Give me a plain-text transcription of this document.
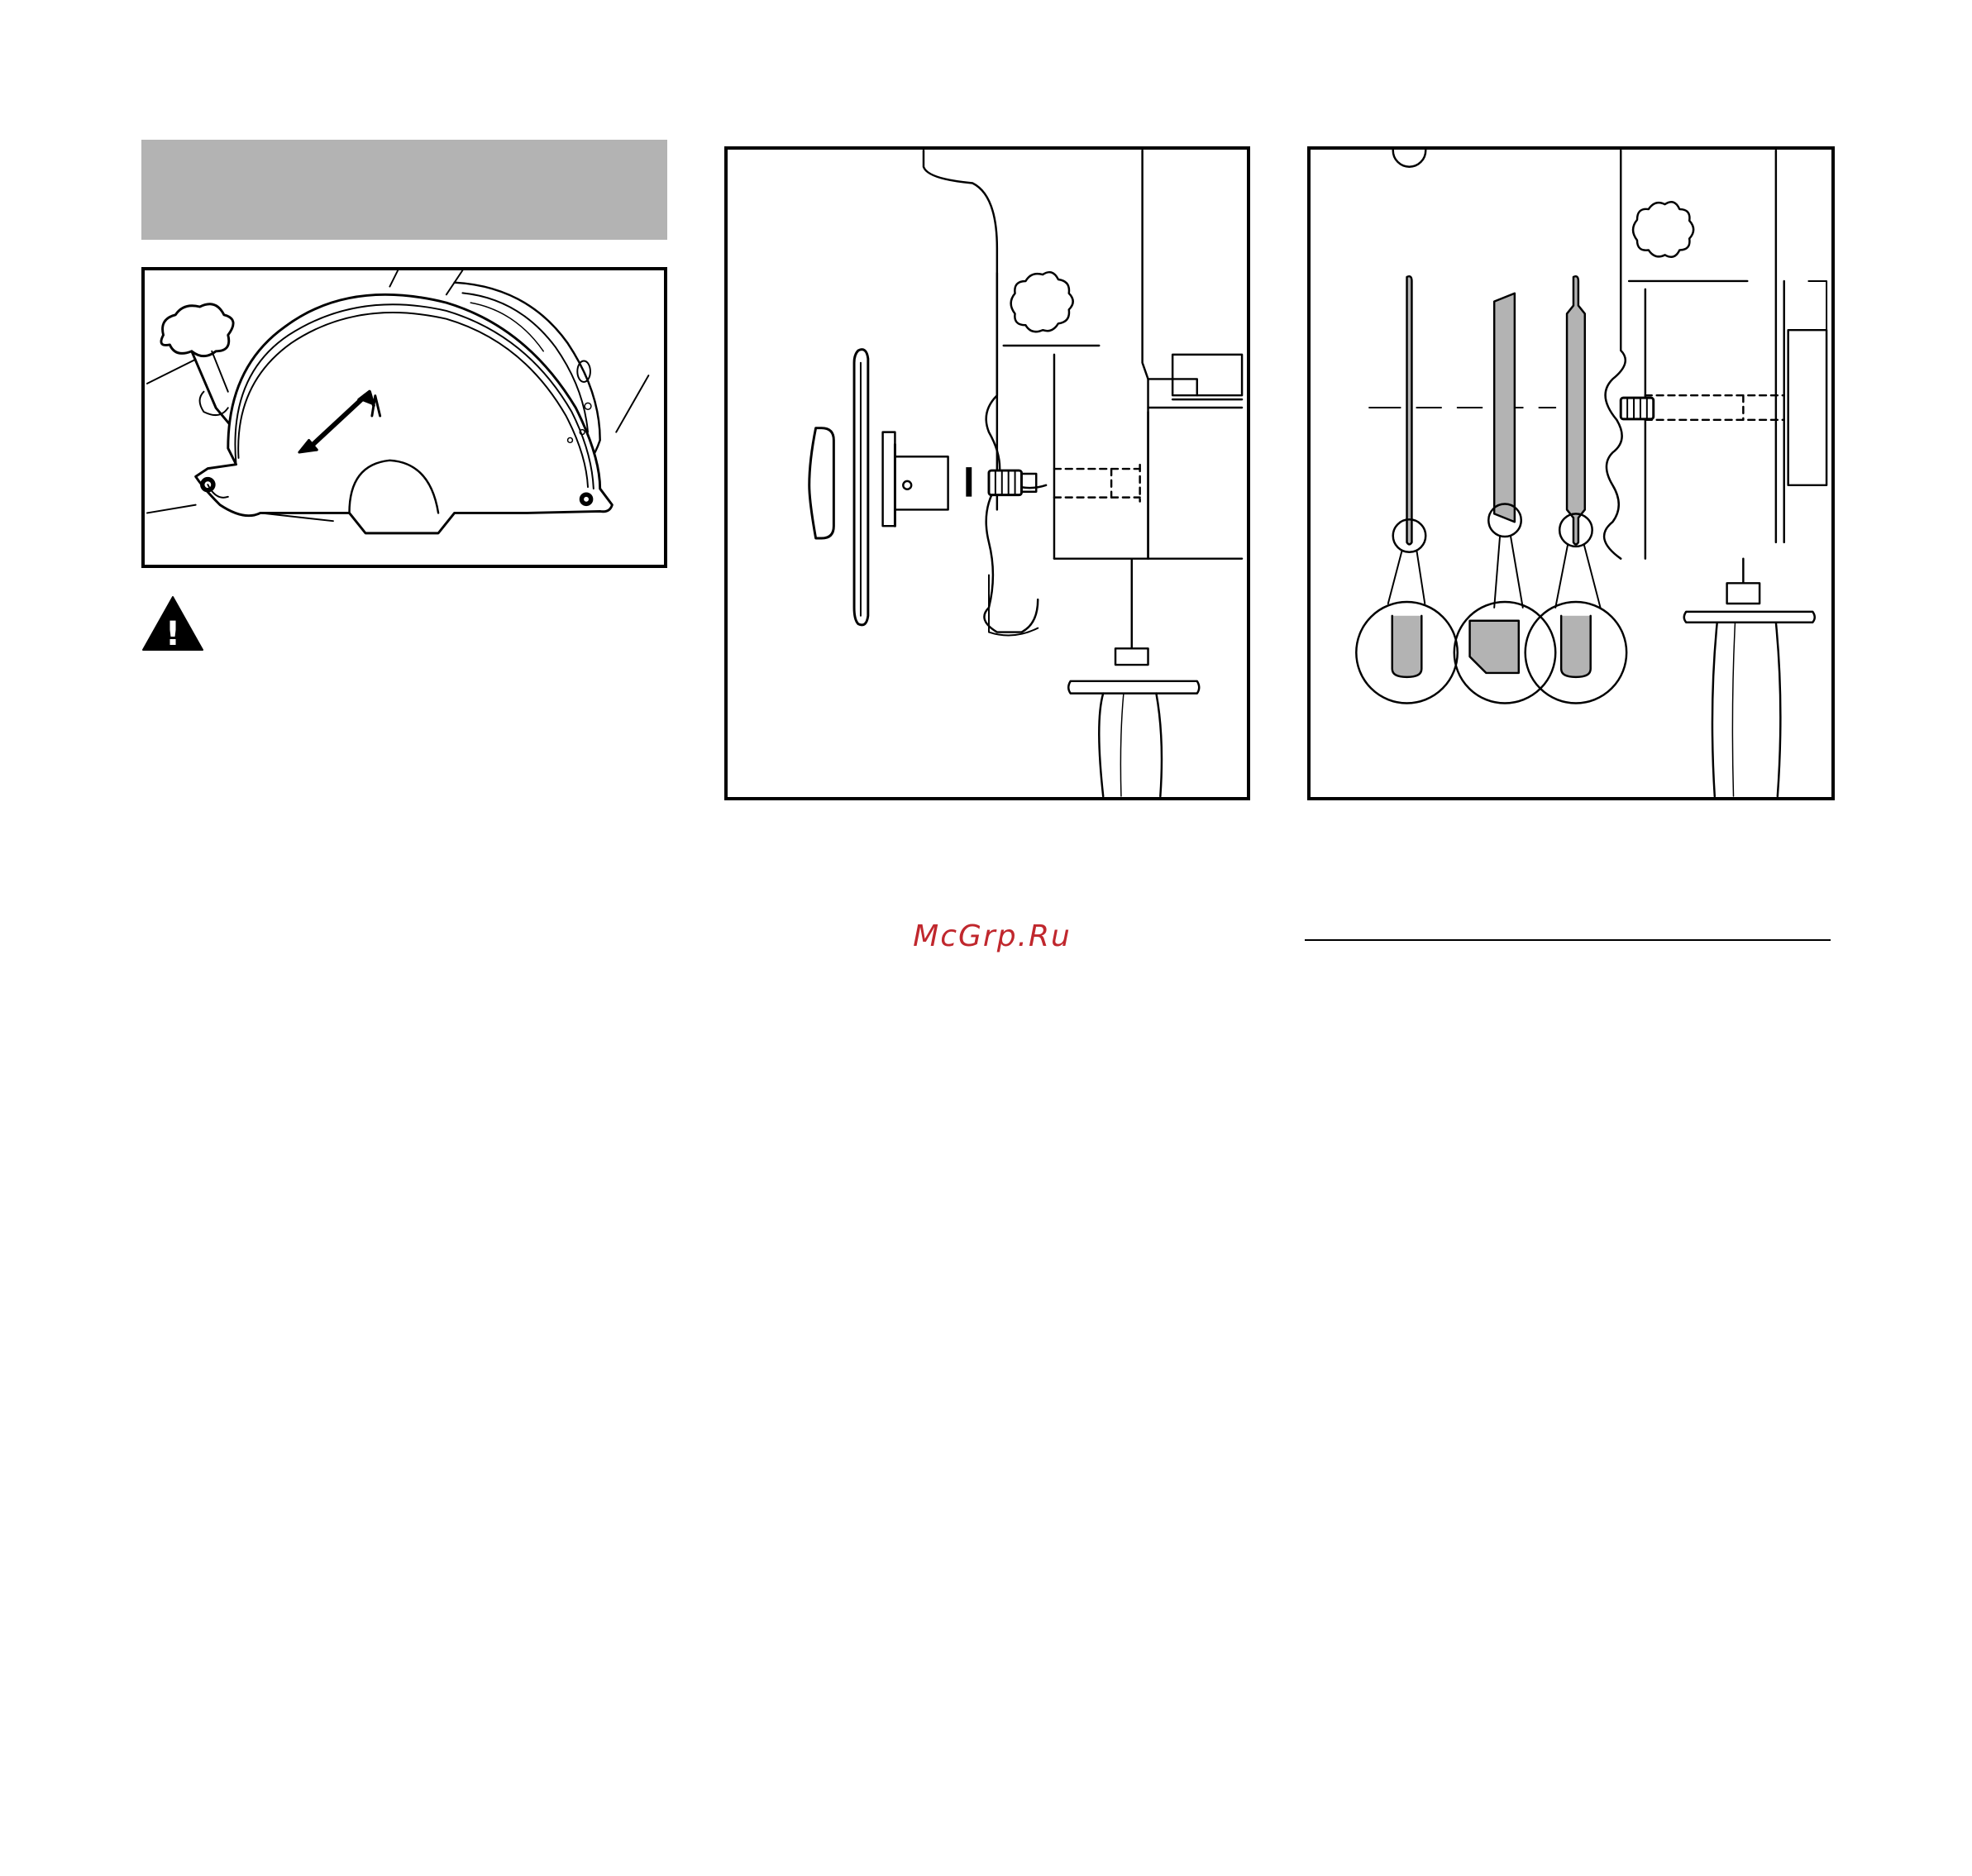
!
McGrp.Ru
